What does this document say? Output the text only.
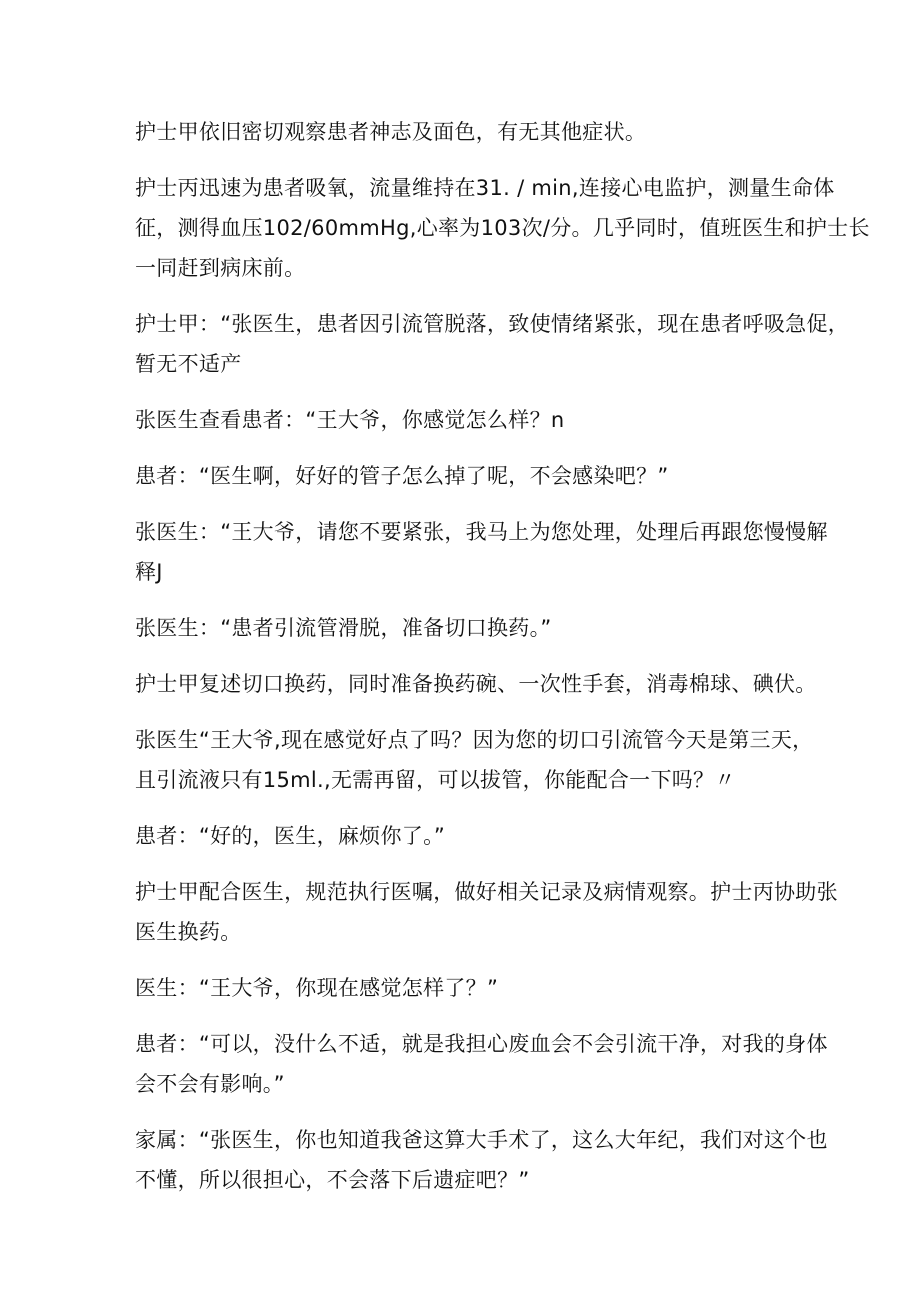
护士甲依旧密切观察患者神志及面色，有无其他症状。

护士丙迅速为患者吸氧，流量维持在31. / min,连接心电监护，测量生命体
征，测得血压102/60mmHg,心率为103次/分。几乎同时，值班医生和护士长
一同赶到病床前。

护士甲：“张医生，患者因引流管脱落，致使情绪紧张，现在患者呼吸急促，
暂无不适产

张医生查看患者：“王大爷，你感觉怎么样？n

患者：“医生啊，好好的管子怎么掉了呢，不会感染吧？”

张医生：“王大爷，请您不要紧张，我马上为您处理，处理后再跟您慢慢解
释J

张医生：“患者引流管滑脱，准备切口换药。”

护士甲复述切口换药，同时准备换药碗、一次性手套，消毒棉球、碘伏。

张医生“王大爷,现在感觉好点了吗？因为您的切口引流管今天是第三天，
且引流液只有15ml.,无需再留，可以拔管，你能配合一下吗？〃

患者：“好的，医生，麻烦你了。”

护士甲配合医生，规范执行医嘱，做好相关记录及病情观察。护士丙协助张
医生换药。

医生：“王大爷，你现在感觉怎样了？”

患者：“可以，没什么不适，就是我担心废血会不会引流干净，对我的身体
会不会有影响。”

家属：“张医生，你也知道我爸这算大手术了，这么大年纪，我们对这个也
不懂，所以很担心，不会落下后遗症吧？”
